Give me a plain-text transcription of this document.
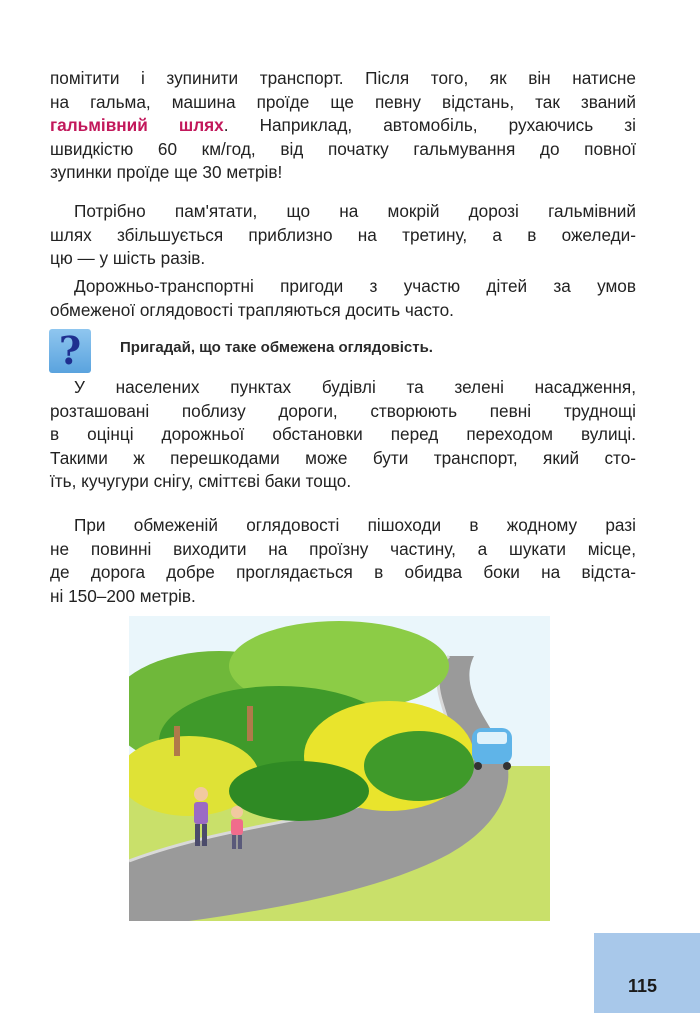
помітити і зупинити транспорт. Після того, як він натисне
на гальма, машина проїде ще певну відстань, так званий
гальмівний шлях. Наприклад, автомобіль, рухаючись зі
швидкістю 60 км/год, від початку гальмування до повної
зупинки проїде ще 30 метрів!
Потрібно пам'ятати, що на мокрій дорозі гальмівний
шлях збільшується приблизно на третину, а в ожеледи-
цю — у шість разів.
Дорожньо-транспортні пригоди з участю дітей за умов
обмеженої оглядовості трапляються досить часто.
?	Пригадай, що таке обмежена оглядовість.
У населених пунктах будівлі та зелені насадження,
розташовані поблизу дороги, створюють певні труднощі
в оцінці дорожньої обстановки перед переходом вулиці.
Такими ж перешкодами може бути транспорт, який сто-
їть, кучугури снігу, сміттєві баки тощо.
При обмеженій оглядовості пішоходи в жодному разі
не повинні виходити на проїзну частину, а шукати місце,
де дорога добре проглядається в обидва боки на відста-
ні 150–200 метрів.
115
